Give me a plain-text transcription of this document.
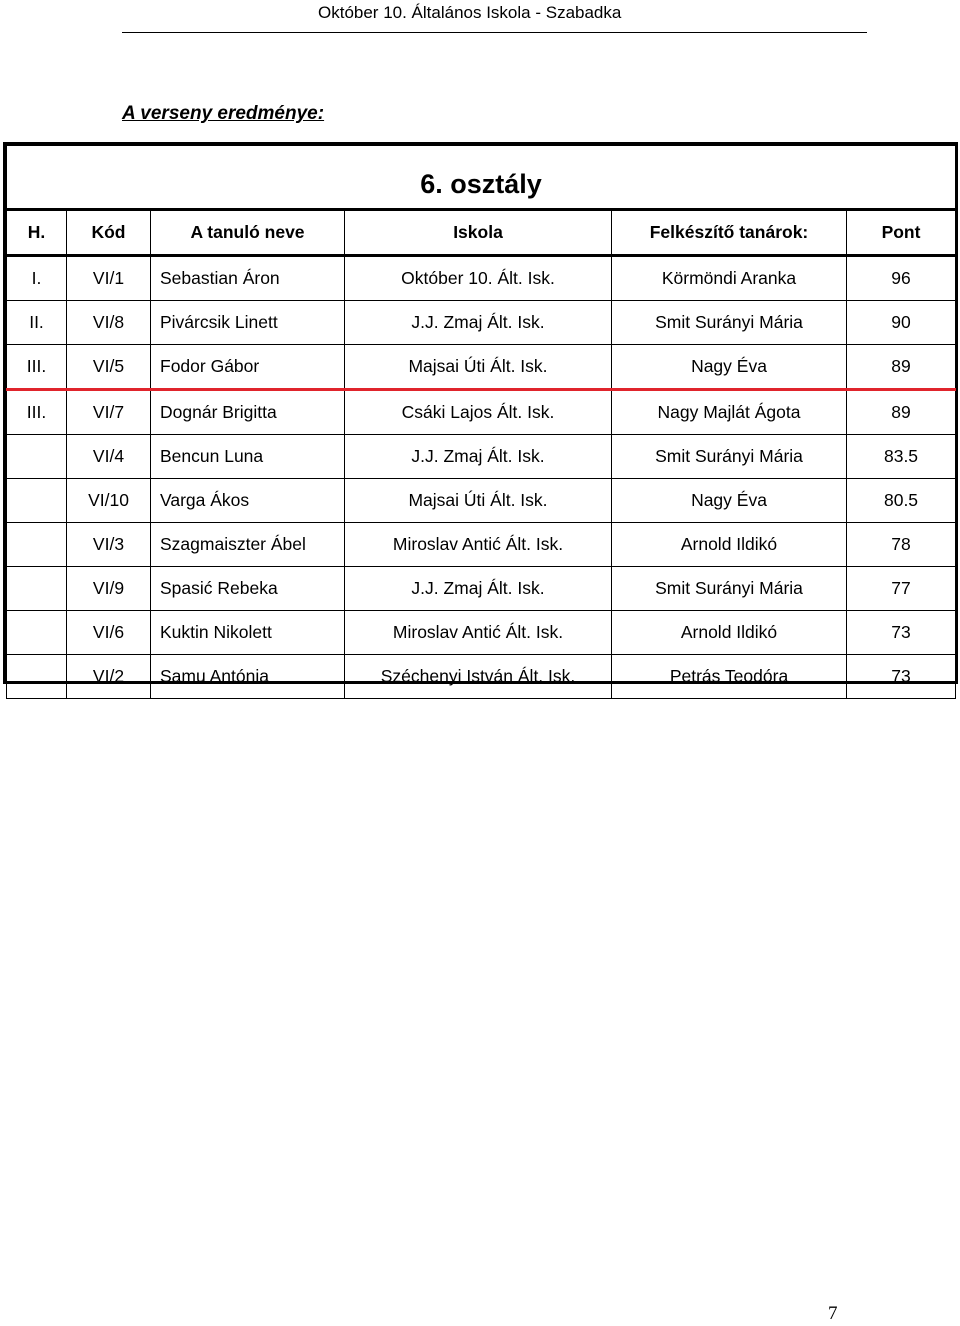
Október 10. Általános Iskola - Szabadka
A verseny eredménye:
6. osztály					
H.	Kód	A tanuló neve	Iskola	Felkészítő tanárok:	Pont
I.	VI/1	Sebastian Áron	Október 10. Ált. Isk.	Körmöndi Aranka	96
II.	VI/8	Pivárcsik Linett	J.J. Zmaj Ált. Isk.	Smit Surányi Mária	90
III.	VI/5	Fodor Gábor	Majsai Úti Ált. Isk.	Nagy Éva	89
III.	VI/7	Dognár Brigitta	Csáki Lajos Ált. Isk.	Nagy Majlát Ágota	89
	VI/4	Bencun Luna	J.J. Zmaj Ált. Isk.	Smit Surányi Mária	83.5
	VI/10	Varga Ákos	Majsai Úti Ált. Isk.	Nagy Éva	80.5
	VI/3	Szagmaiszter Ábel	Miroslav Antić Ált. Isk.	Arnold Ildikó	78
	VI/9	Spasić Rebeka	J.J. Zmaj Ált. Isk.	Smit Surányi Mária	77
	VI/6	Kuktin Nikolett	Miroslav Antić Ált. Isk.	Arnold Ildikó	73
	VI/2	Samu Antónia	Széchenyi István Ált. Isk.	Petrás Teodóra	73
7
